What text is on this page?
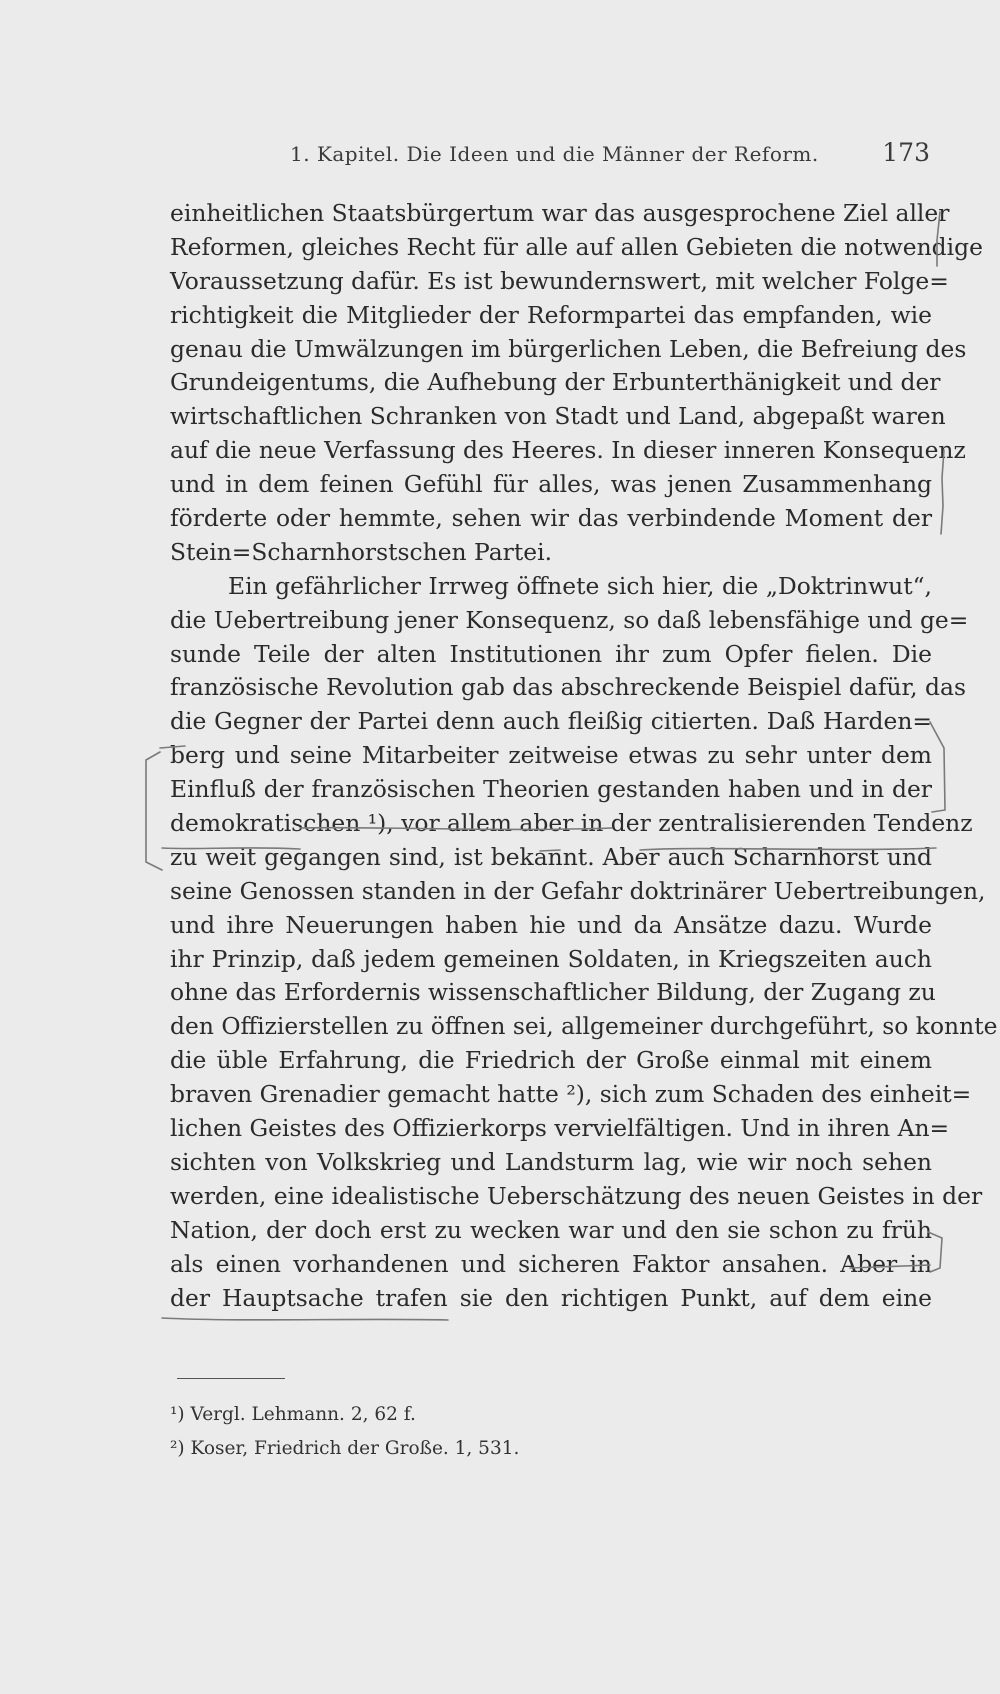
1. Kapitel. Die Ideen und die Männer der Reform.	173
einheitlichen Staatsbürgertum war das ausgesprochene Ziel aller
Reformen, gleiches Recht für alle auf allen Gebieten die notwendige
Voraussetzung dafür. Es ist bewundernswert, mit welcher Folge=
richtigkeit die Mitglieder der Reformpartei das empfanden, wie
genau die Umwälzungen im bürgerlichen Leben, die Befreiung des
Grundeigentums, die Aufhebung der Erbunterthänigkeit und der
wirtschaftlichen Schranken von Stadt und Land, abgepaßt waren
auf die neue Verfassung des Heeres. In dieser inneren Konsequenz
und in dem feinen Gefühl für alles, was jenen Zusammenhang
förderte oder hemmte, sehen wir das verbindende Moment der
Stein=Scharnhorstschen Partei.
Ein gefährlicher Irrweg öffnete sich hier, die „Doktrinwut“,
die Uebertreibung jener Konsequenz, so daß lebensfähige und ge=
sunde Teile der alten Institutionen ihr zum Opfer fielen. Die
französische Revolution gab das abschreckende Beispiel dafür, das
die Gegner der Partei denn auch fleißig citierten. Daß Harden=
berg und seine Mitarbeiter zeitweise etwas zu sehr unter dem
Einfluß der französischen Theorien gestanden haben und in der
demokratischen ¹), vor allem aber in der zentralisierenden Tendenz
zu weit gegangen sind, ist bekannt. Aber auch Scharnhorst und
seine Genossen standen in der Gefahr doktrinärer Uebertreibungen,
und ihre Neuerungen haben hie und da Ansätze dazu. Wurde
ihr Prinzip, daß jedem gemeinen Soldaten, in Kriegszeiten auch
ohne das Erfordernis wissenschaftlicher Bildung, der Zugang zu
den Offizierstellen zu öffnen sei, allgemeiner durchgeführt, so konnte
die üble Erfahrung, die Friedrich der Große einmal mit einem
braven Grenadier gemacht hatte ²), sich zum Schaden des einheit=
lichen Geistes des Offizierkorps vervielfältigen. Und in ihren An=
sichten von Volkskrieg und Landsturm lag, wie wir noch sehen
werden, eine idealistische Ueberschätzung des neuen Geistes in der
Nation, der doch erst zu wecken war und den sie schon zu früh
als einen vorhandenen und sicheren Faktor ansahen. Aber in
der Hauptsache trafen sie den richtigen Punkt, auf dem eine
¹) Vergl. Lehmann. 2, 62 f.
²) Koser, Friedrich der Große. 1, 531.
